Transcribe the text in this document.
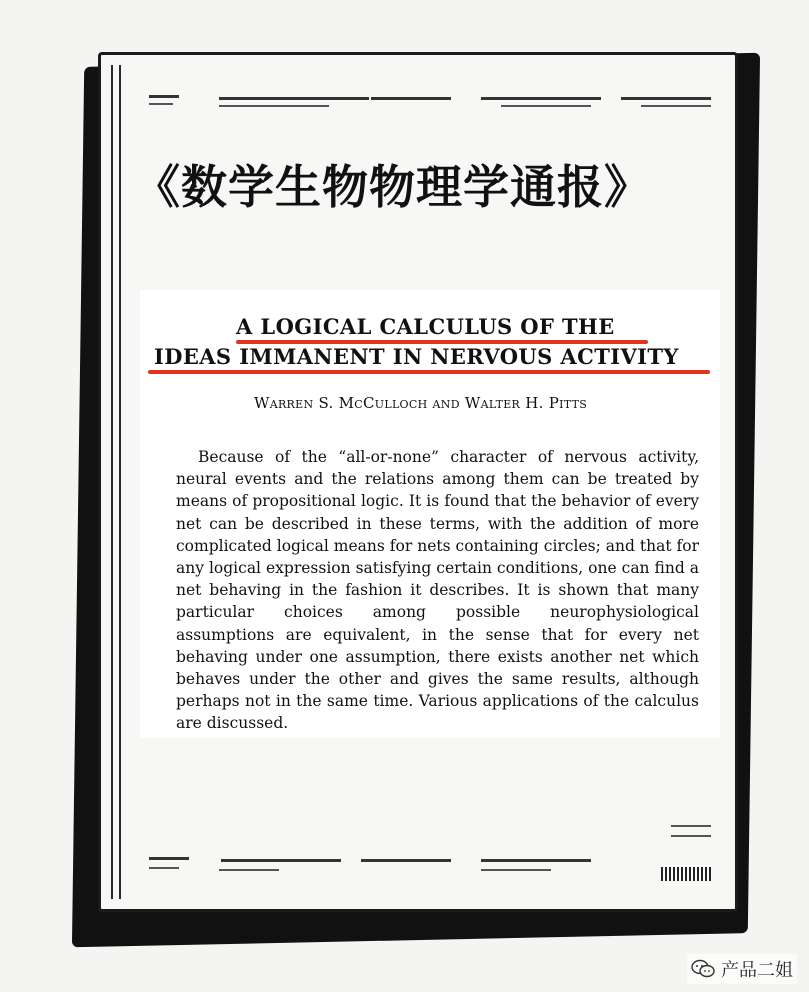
《数学生物物理学通报》
A LOGICAL CALCULUS OF THE
IDEAS IMMANENT IN NERVOUS ACTIVITY
Warren S. McCulloch and Walter H. Pitts

Because of the “all-or-none” character of nervous activity, neural events and the relations among them can be treated by means of propositional logic. It is found that the behavior of every net can be described in these terms, with the addition of more complicated logical means for nets containing circles; and that for any logical expression satisfying certain conditions, one can find a net behaving in the fashion it describes. It is shown that many particular choices among possible neurophysiological assumptions are equivalent, in the sense that for every net behaving under one assumption, there exists another net which behaves under the other and gives the same results, although perhaps not in the same time. Various applications of the calculus are discussed.

产品二姐
